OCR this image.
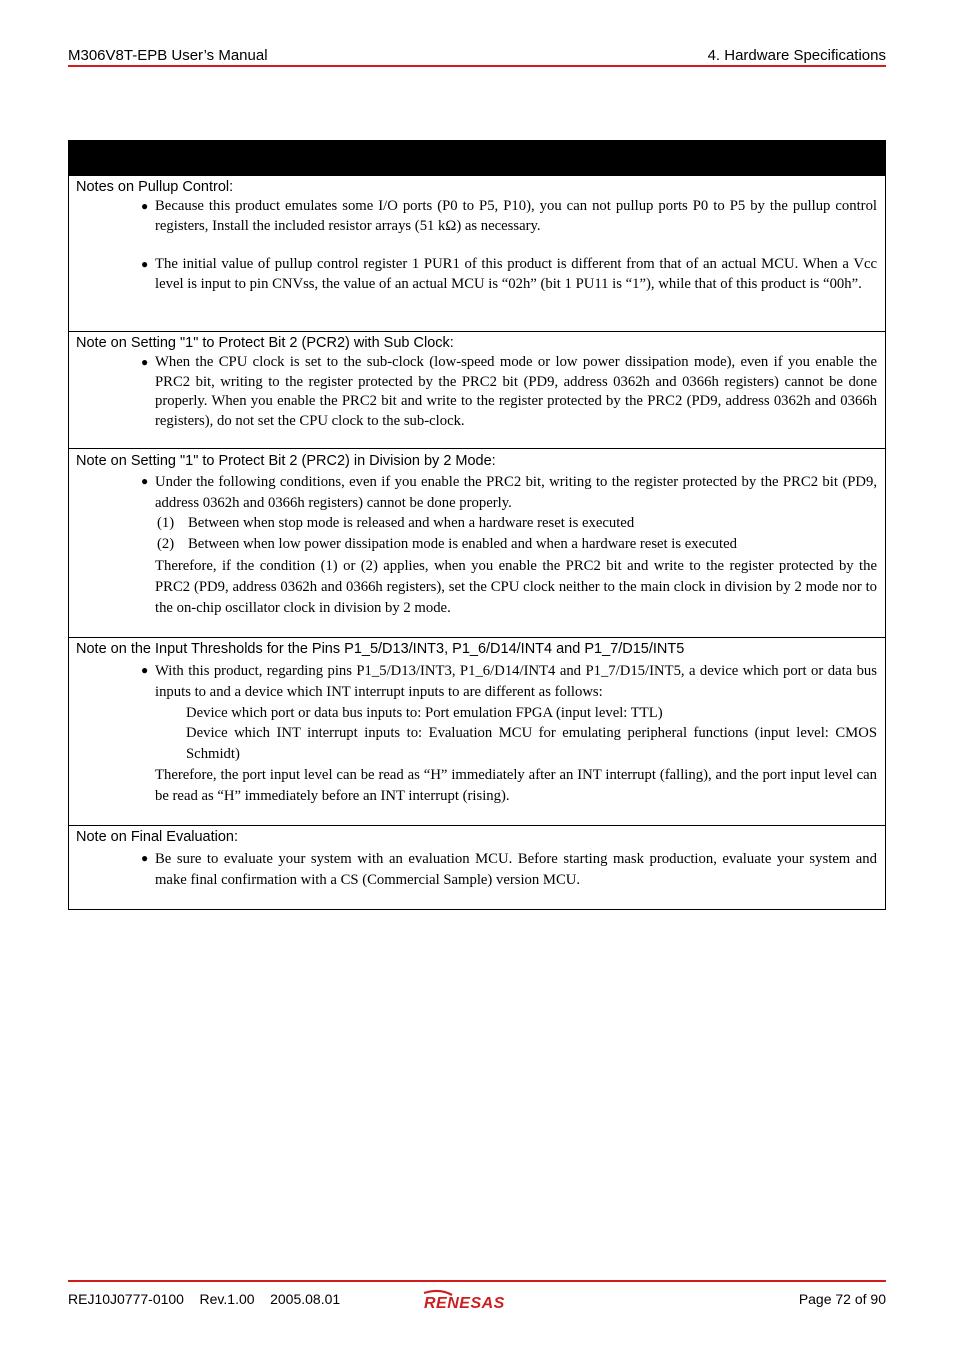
M306V8T-EPB User’s Manual	4. Hardware Specifications
Notes on Pullup Control:
● Because this product emulates some I/O ports (P0 to P5, P10), you can not pullup ports P0 to P5 by the pullup control registers, Install the included resistor arrays (51 kΩ) as necessary.
● The initial value of pullup control register 1 PUR1 of this product is different from that of an actual MCU. When a Vcc level is input to pin CNVss, the value of an actual MCU is “02h” (bit 1 PU11 is “1”), while that of this product is “00h”.
Note on Setting "1" to Protect Bit 2 (PCR2) with Sub Clock:
● When the CPU clock is set to the sub-clock (low-speed mode or low power dissipation mode), even if you enable the PRC2 bit, writing to the register protected by the PRC2 bit (PD9, address 0362h and 0366h registers) cannot be done properly. When you enable the PRC2 bit and write to the register protected by the PRC2 (PD9, address 0362h and 0366h registers), do not set the CPU clock to the sub-clock.
Note on Setting "1" to Protect Bit 2 (PRC2) in Division by 2 Mode:
● Under the following conditions, even if you enable the PRC2 bit, writing to the register protected by the PRC2 bit (PD9, address 0362h and 0366h registers) cannot be done properly.
(1) Between when stop mode is released and when a hardware reset is executed
(2) Between when low power dissipation mode is enabled and when a hardware reset is executed
Therefore, if the condition (1) or (2) applies, when you enable the PRC2 bit and write to the register protected by the PRC2 (PD9, address 0362h and 0366h registers), set the CPU clock neither to the main clock in division by 2 mode nor to the on-chip oscillator clock in division by 2 mode.
Note on the Input Thresholds for the Pins P1_5/D13/INT3, P1_6/D14/INT4 and P1_7/D15/INT5
● With this product, regarding pins P1_5/D13/INT3, P1_6/D14/INT4 and P1_7/D15/INT5, a device which port or data bus inputs to and a device which INT interrupt inputs to are different as follows:
Device which port or data bus inputs to: Port emulation FPGA (input level: TTL)
Device which INT interrupt inputs to: Evaluation MCU for emulating peripheral functions (input level: CMOS Schmidt)
Therefore, the port input level can be read as “H” immediately after an INT interrupt (falling), and the port input level can be read as “H” immediately before an INT interrupt (rising).
Note on Final Evaluation:
● Be sure to evaluate your system with an evaluation MCU. Before starting mask production, evaluate your system and make final confirmation with a CS (Commercial Sample) version MCU.
REJ10J0777-0100    Rev.1.00    2005.08.01	RENESAS	Page 72 of 90
